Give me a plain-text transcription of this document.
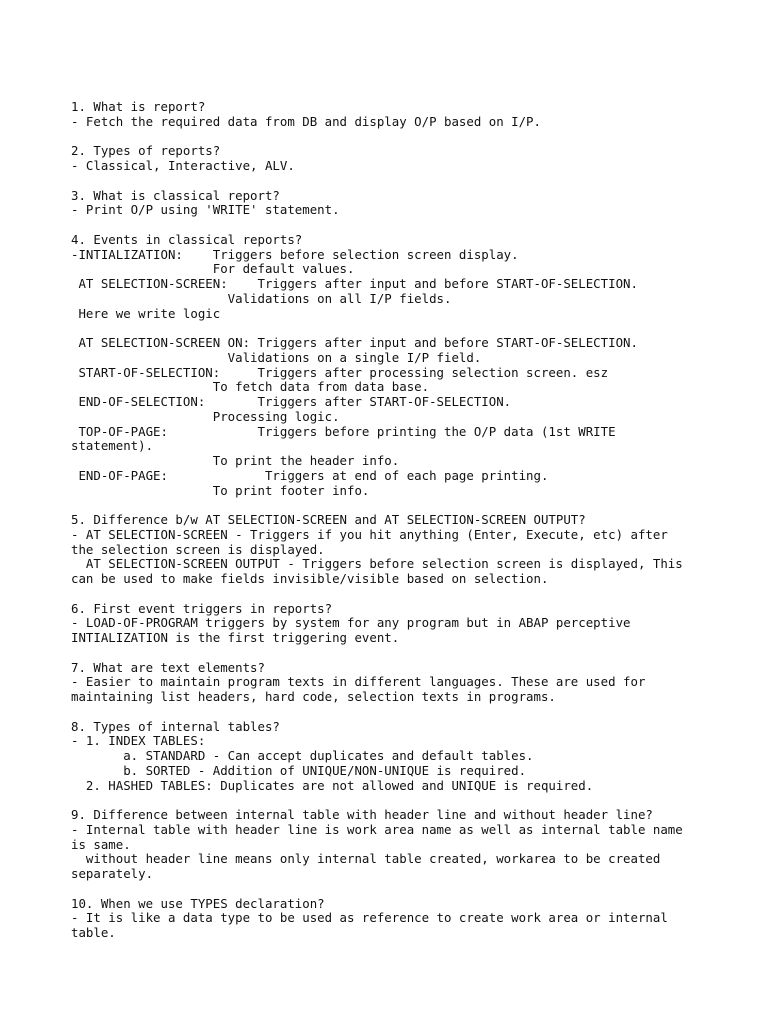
1. What is report?
- Fetch the required data from DB and display O/P based on I/P.
2. Types of reports?
- Classical, Interactive, ALV.
3. What is classical report?
- Print O/P using 'WRITE' statement.
4. Events in classical reports?
-INTIALIZATION:    Triggers before selection screen display.
For default values.
AT SELECTION-SCREEN:    Triggers after input and before START-OF-SELECTION.
Validations on all I/P fields.
Here we write logic
AT SELECTION-SCREEN ON: Triggers after input and before START-OF-SELECTION.
Validations on a single I/P field.
START-OF-SELECTION:     Triggers after processing selection screen. esz
To fetch data from data base.
END-OF-SELECTION:       Triggers after START-OF-SELECTION.
Processing logic.
TOP-OF-PAGE:            Triggers before printing the O/P data (1st WRITE
statement).
To print the header info.
END-OF-PAGE:             Triggers at end of each page printing.
To print footer info.
5. Difference b/w AT SELECTION-SCREEN and AT SELECTION-SCREEN OUTPUT?
- AT SELECTION-SCREEN - Triggers if you hit anything (Enter, Execute, etc) after
the selection screen is displayed.
AT SELECTION-SCREEN OUTPUT - Triggers before selection screen is displayed, This
can be used to make fields invisible/visible based on selection.
6. First event triggers in reports?
- LOAD-OF-PROGRAM triggers by system for any program but in ABAP perceptive
INTIALIZATION is the first triggering event.
7. What are text elements?
- Easier to maintain program texts in different languages. These are used for
maintaining list headers, hard code, selection texts in programs.
8. Types of internal tables?
- 1. INDEX TABLES:
a. STANDARD - Can accept duplicates and default tables.
b. SORTED - Addition of UNIQUE/NON-UNIQUE is required.
2. HASHED TABLES: Duplicates are not allowed and UNIQUE is required.
9. Difference between internal table with header line and without header line?
- Internal table with header line is work area name as well as internal table name
is same.
without header line means only internal table created, workarea to be created
separately.
10. When we use TYPES declaration?
- It is like a data type to be used as reference to create work area or internal
table.
